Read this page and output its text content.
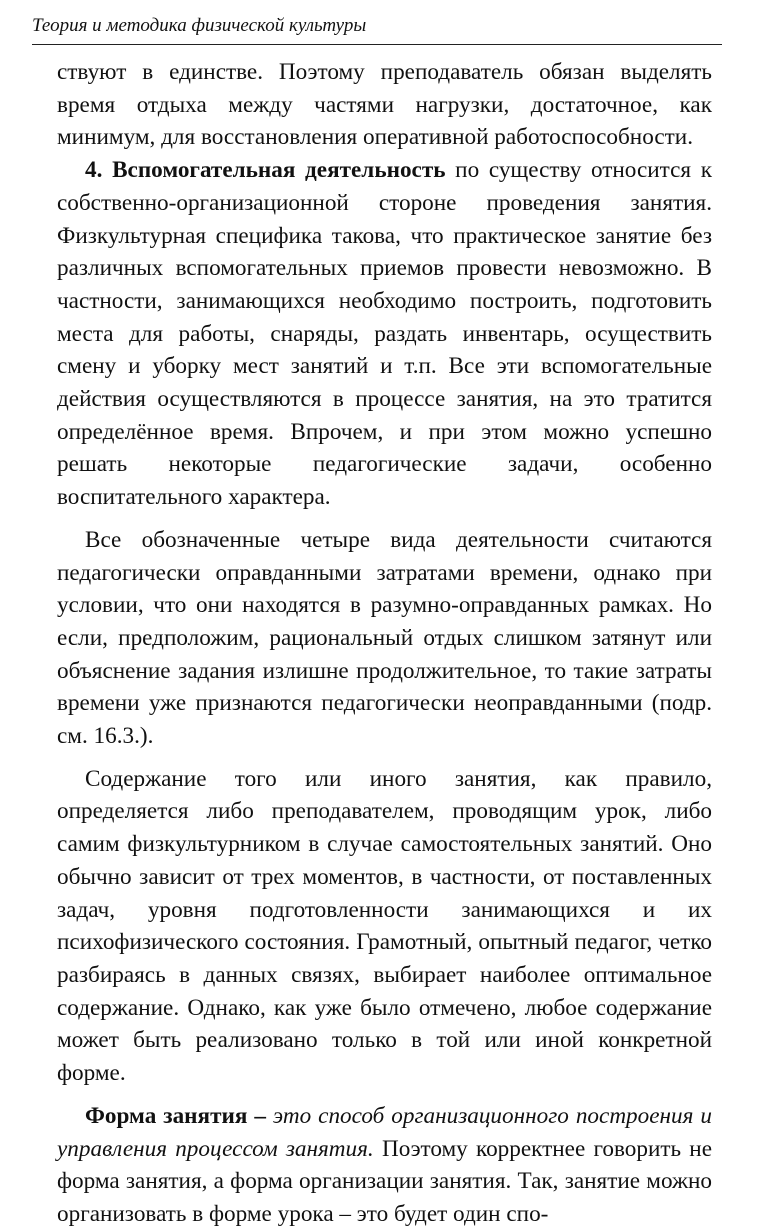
Теория и методика физической культуры

ствуют в единстве. Поэтому преподаватель обязан выделять время отдыха между частями нагрузки, достаточное, как минимум, для восстановления оперативной работоспособности.

4. Вспомогательная деятельность по существу относится к собственно-организационной стороне проведения занятия. Физкультурная специфика такова, что практическое занятие без различных вспомогательных приемов провести невозможно. В частности, занимающихся необходимо построить, подготовить места для работы, снаряды, раздать инвентарь, осуществить смену и уборку мест занятий и т.п. Все эти вспомогательные действия осуществляются в процессе занятия, на это тратится определённое время. Впрочем, и при этом можно успешно решать некоторые педагогические задачи, особенно воспитательного характера.

Все обозначенные четыре вида деятельности считаются педагогически оправданными затратами времени, однако при условии, что они находятся в разумно-оправданных рамках. Но если, предположим, рациональный отдых слишком затянут или объяснение задания излишне продолжительное, то такие затраты времени уже признаются педагогически неоправданными (подр. см. 16.3.).

Содержание того или иного занятия, как правило, определяется либо преподавателем, проводящим урок, либо самим физкультурником в случае самостоятельных занятий. Оно обычно зависит от трех моментов, в частности, от поставленных задач, уровня подготовленности занимающихся и их психофизического состояния. Грамотный, опытный педагог, четко разбираясь в данных связях, выбирает наиболее оптимальное содержание. Однако, как уже было отмечено, любое содержание может быть реализовано только в той или иной конкретной форме.

Форма занятия – это способ организационного построения и управления процессом занятия. Поэтому корректнее говорить не форма занятия, а форма организации занятия. Так, занятие можно организовать в форме урока – это будет один спо-
